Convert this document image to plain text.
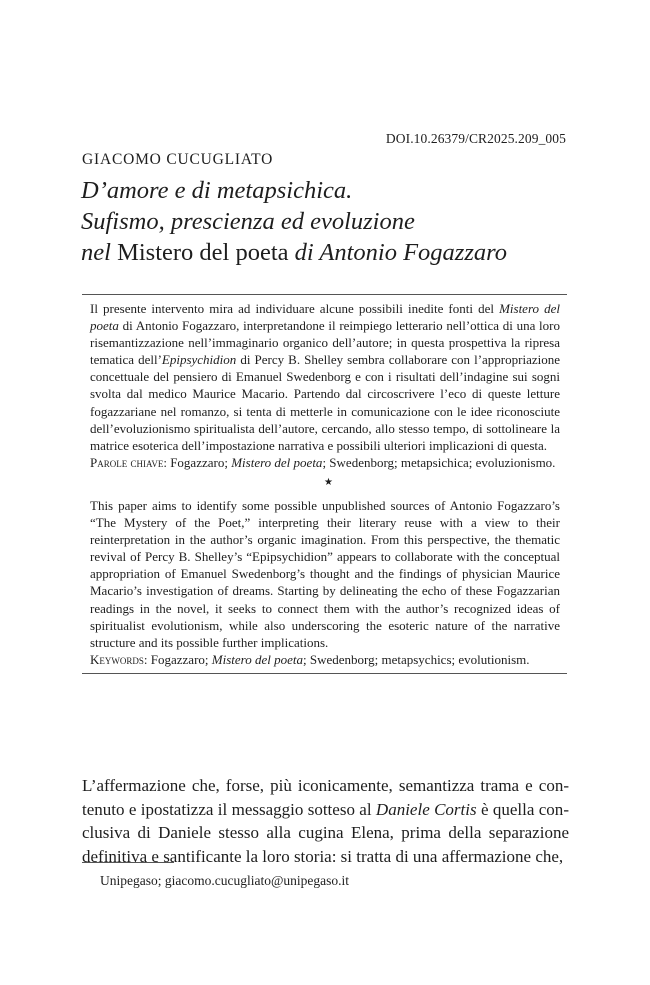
DOI.10.26379/CR2025.209_005
GIACOMO CUCUGLIATO
D’amore e di metapsichica.
Sufismo, prescienza ed evoluzione
nel Mistero del poeta di Antonio Fogazzaro

Il presente intervento mira ad individuare alcune possibili inedite fonti del Mistero del poeta di Antonio Fogazzaro, interpretandone il reimpiego letterario nell’ottica di una loro risemantizzazione nell’immaginario organico dell’autore; in questa prospettiva la ripresa tematica dell’Epipsychidion di Percy B. Shelley sembra collaborare con l’appropriazione concettuale del pensiero di Emanuel Swedenborg e con i risultati dell’indagine sui sogni svolta dal medico Maurice Macario. Partendo dal circoscrivere l’eco di queste letture fogazzariane nel romanzo, si tenta di metterle in comunicazione con le idee riconosciute dell’evoluzionismo spiritualista dell’autore, cercando, allo stesso tempo, di sottolineare la matrice esoterica dell’impostazione narrativa e possibili ulteriori implicazioni di questa.
Parole chiave: Fogazzaro; Mistero del poeta; Swedenborg; metapsichica; evoluzionismo.

★

This paper aims to identify some possible unpublished sources of Antonio Fogazzaro’s “The Mystery of the Poet,” interpreting their literary reuse with a view to their reinterpretation in the author’s organic imagination. From this perspective, the thematic revival of Percy B. Shelley’s “Epipsychidion” appears to collaborate with the conceptual appropriation of Emanuel Swedenborg’s thought and the findings of physician Maurice Macario’s investigation of dreams. Starting by delineating the echo of these Fogazzarian readings in the novel, it seeks to connect them with the author’s recognized ideas of spiritualist evolutionism, while also underscoring the esoteric nature of the narrative structure and its possible further implications.
Keywords: Fogazzaro; Mistero del poeta; Swedenborg; metapsychics; evolutionism.

L’affermazione che, forse, più iconicamente, semantizza trama e contenuto e ipostatizza il messaggio sotteso al Daniele Cortis è quella conclusiva di Daniele stesso alla cugina Elena, prima della separazione definitiva e santificante la loro storia: si tratta di una affermazione che,

Unipegaso; giacomo.cucugliato@unipegaso.it
